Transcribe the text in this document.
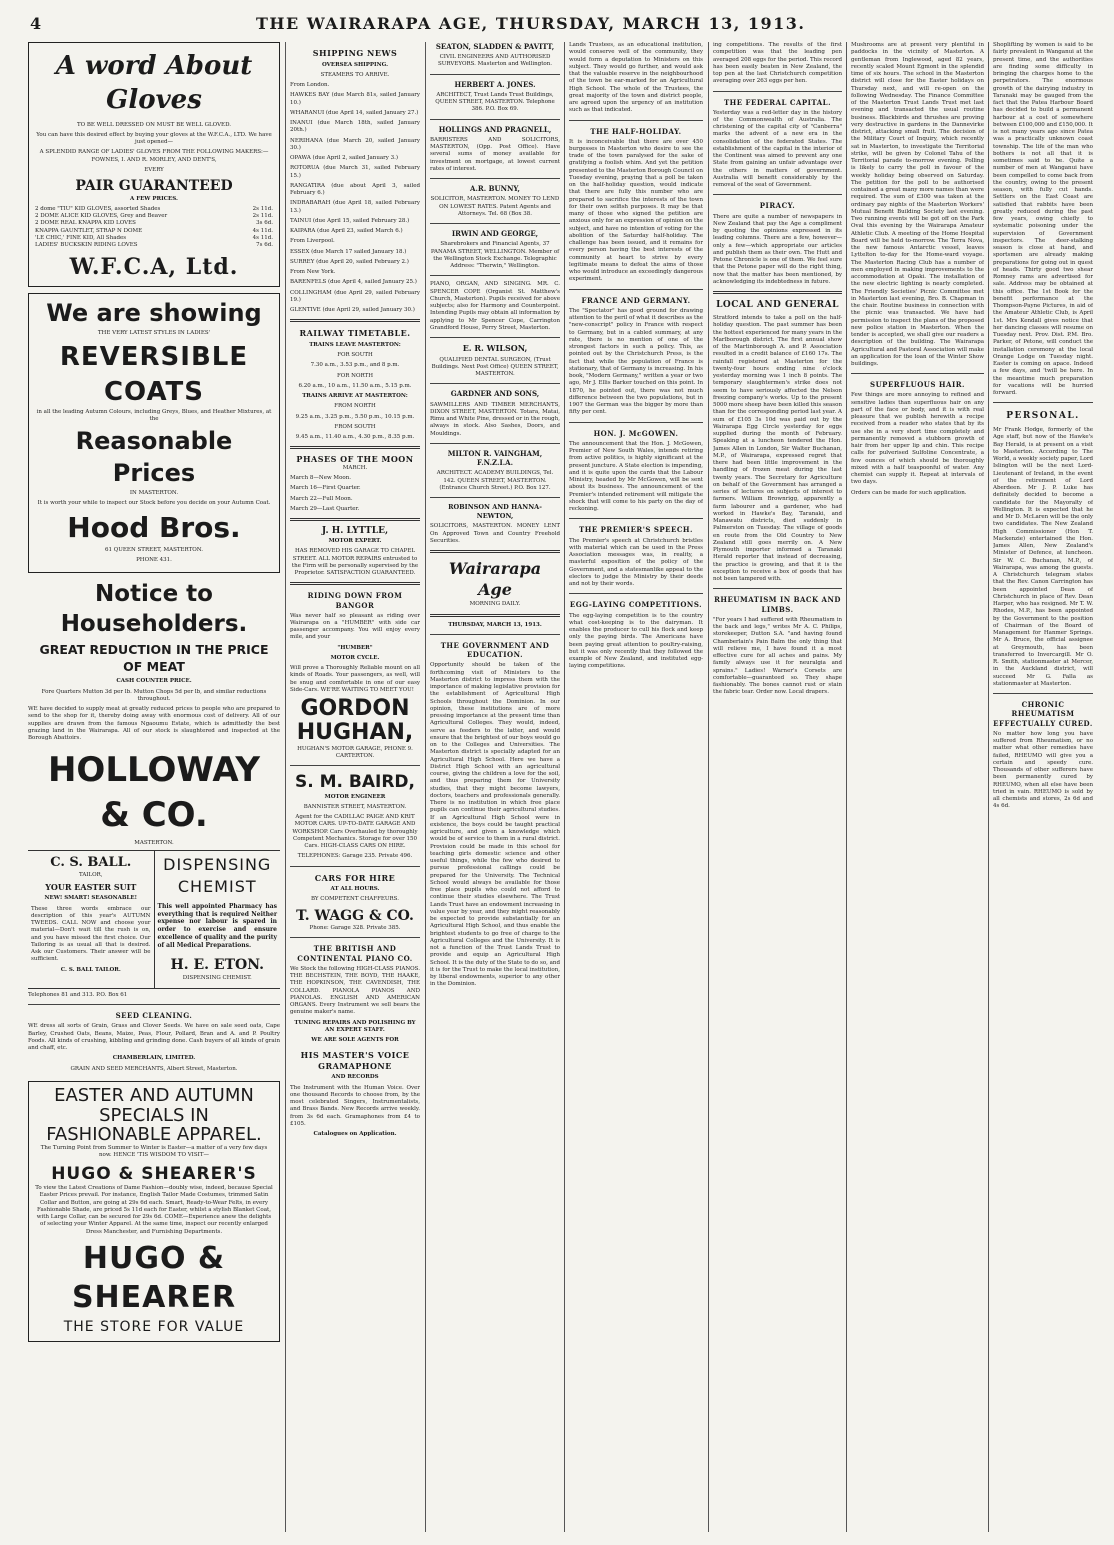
4	THE WAIRARAPA AGE, THURSDAY, MARCH 13, 1913.
A word About Gloves

TO BE WELL DRESSED ON MUST BE WELL GLOVED.

You can have this desired effect by buying your gloves at the W.F.C.A., LTD. We have just opened—

A SPLENDID RANGE OF LADIES' GLOVES FROM THE FOLLOWING MAKERS:—FOWNES, I. AND R. MORLEY, AND DENT'S,

EVERY

PAIR GUARANTEED

A FEW PRICES.

2 dome "TIU" KID GLOVES, assorted Shades	2s 11d.
2 DOME ALICE KID GLOVES, Grey and Beaver	2s 11d.
2 DOME REAL KNAPPA KID LOVES	3s 6d.
KNAPPA GAUNTLET, STRAP N DOME	4s 11d.
'LE CHIC,' FINE KID, All Shades	4s 11d.
LADIES' BUCKSKIN RIDING LOVES	7s 6d.
W.F.C.A, Ltd.
We are showing

THE VERY LATEST STYLES IN LADIES'

REVERSIBLE COATS

in all the leading Autumn Colours, including Greys, Blues, and Heather Mixtures, at the

Reasonable Prices

IN MASTERTON.

It is worth your while to inspect our Stock before you decide on your Autumn Coat.

Hood Bros.

61 QUEEN STREET, MASTERTON.

PHONE 431.

Notice to Householders.
GREAT REDUCTION IN THE PRICE OF MEAT

CASH COUNTER PRICE.

Fore Quarters Mutton 3d per lb. Mutton Chops 5d per lb, and similar reductions throughout.

WE have decided to supply meat at greatly reduced prices to people who are prepared to send to the shop for it, thereby doing away with enormous cost of delivery. All of our supplies are drawn from the famous Ngaoumu Estate, which is admittedly the best grazing land in the Wairarapa. All of our stock is slaughtered and inspected at the Borough Abattoirs.

HOLLOWAY & CO.

MASTERTON.

C. S. BALL.

TAILOR,

YOUR EASTER SUIT

NEW! SMART! SEASONABLE!

These three words embrace our description of this year's AUTUMN TWEEDS. CALL NOW and choose your material—Don't wait till the rush is on, and you have missed the first choice. Our Tailoring is as usual all that is desired. Ask our Customers. Their answer will be sufficient.

C. S. BALL TAILOR.

DISPENSING CHEMIST

This well appointed Pharmacy has everything that is required Neither expense nor labour is spared in order to exercise and ensure excellence of quality and the purity of all Medical Preparations.

H. E. ETON.

DISPENSING CHEMIST.

Telephones 81 and 313. P.O. Box 61

SEED CLEANING.

WE dress all sorts of Grain, Grass and Clover Seeds. We have on sale seed oats, Cape Barley, Crushed Oats, Beans, Maize, Peas, Flour, Pollard, Bran and A. and P. Poultry Foods. All kinds of crushing, kibbling and grinding done. Cash buyers of all kinds of grain and chaff, etc.

CHAMBERLAIN, LIMITED.

GRAIN AND SEED MERCHANTS, Albert Street, Masterton.

EASTER AND AUTUMN SPECIALS IN FASHIONABLE APPAREL.

The Turning Point from Summer to Winter is Easter—a matter of a very few days now. HENCE 'TIS WISDOM TO VISIT—

HUGO & SHEARER'S

To view the Latest Creations of Dame Fashion—doubly wise, indeed, because Special Easter Prices prevail. For instance, English Tailor Made Costumes, trimmed Satin Collar and Button, are going at 29s 6d each. Smart, Ready-to-Wear Felts, in every Fashionable Shade, are priced 5s 11d each for Easter, whilst a stylish Blanket Coat, with Large Collar, can be secured for 29s 6d. COME—Experience anew the delights of selecting your Winter Apparel. At the same time, inspect our recently enlarged Dress Manchester, and Furnishing Departments.

HUGO & SHEARER
THE STORE FOR VALUE
SHIPPING NEWS

OVERSEA SHIPPING.

STEAMERS TO ARRIVE.

From London.

HAWKES BAY (due March 81s, sailed January 10.)

WHARANUI (due April 14, sailed January 27.)

INANUI (due March 18th, sailed January 20th.)

NERIHANA (due March 20, sailed January 30.)

OPAWA (due April 2, sailed January 3.)

ROTORUA (due March 31, sailed February 15.)

RANGATIRA (due about April 3, sailed February 6.)

INDRABARAH (due April 18, sailed February 13.)

TAINUI (due April 15, sailed February 28.)

KAIPARA (due April 23, sailed March 6.)

From Liverpool.

ESSEX (due March 17 sailed January 18.)

SURREY (due April 20, sailed February 2.)

From New York.

BARENFELS (due April 4, sailed January 25.)

COLLINGHAM (due April 29, sailed February 19.)

GLENTIVE (due April 29, sailed January 30.)

RAILWAY TIMETABLE.

TRAINS LEAVE MASTERTON:

FOR SOUTH

7.30 a.m., 3.53 p.m., and 8 p.m.

FOR NORTH

6.20 a.m., 10 a.m., 11.50 a.m., 5.15 p.m.

TRAINS ARRIVE AT MASTERTON:

FROM NORTH

9.25 a.m., 3.25 p.m., 5.50 p.m., 10.15 p.m.

FROM SOUTH

9.45 a.m., 11.40 a.m., 4.30 p.m., 8.35 p.m.

PHASES OF THE MOON

MARCH.

March 8—New Moon.

March 16—First Quarter.

March 22—Full Moon.

March 29—Last Quarter.

J. H. LYTTLE,

MOTOR EXPERT.

HAS REMOVED HIS GARAGE TO CHAPEL STREET. ALL MOTOR REPAIRS entrusted to the Firm will be personally supervised by the Proprietor. SATISFACTION GUARANTEED.

RIDING DOWN FROM BANGOR

Was never half so pleasant as riding over Wairarapa on a "HUMBER" with side car passenger accompany. You will enjoy every mile, and your

"HUMBER"

MOTOR CYCLE.

Will prove a Thoroughly Reliable mount on all kinds of Roads. Your passengers, as well, will be snug and comfortable in one of our easy Side-Cars. WE'RE WAITING TO MEET YOU!

GORDON HUGHAN,

HUGHAN'S MOTOR GARAGE, PHONE 9. CARTERTON.

S. M. BAIRD,

MOTOR ENGINEER

BANNISTER STREET, MASTERTON.

Agent for the CADILLAC PAIGE AND KRIT MOTOR CARS. UP-TO-DATE GARAGE AND WORKSHOP. Cars Overhauled by thoroughly Competent Mechanics. Storage for over 150 Cars. HIGH-CLASS CARS ON HIRE.

TELEPHONES: Garage 235. Private 496.

CARS FOR HIRE

AT ALL HOURS.

BY COMPETENT CHAFFEURS.

T. WAGG & CO.

Phone: Garage 328. Private 385.

THE BRITISH AND CONTINENTAL PIANO CO.

We Stock the following HIGH-CLASS PIANOS. THE BECHSTEIN, THE BOYD, THE HAAKE, THE HOPKINSON, THE CAVENDISH, THE COLLARD. PIANOLA PIANOS AND PIANOLAS. ENGLISH AND AMERICAN ORGANS. Every Instrument we sell bears the genuine maker's name.

TUNING REPAIRS AND POLISHING BY AN EXPERT STAFF.

WE ARE SOLE AGENTS FOR

HIS MASTER'S VOICE GRAMAPHONE

AND RECORDS

The Instrument with the Human Voice. Over one thousand Records to choose from, by the most celebrated Singers, Instrumentalists, and Brass Bands. New Records arrive weekly. from 3s 6d each. Gramaphones from £4 to £105.

Catalogues on Application.

SEATON, SLADDEN & PAVITT,

CIVIL ENGINEERS AND AUTHORISED SURVEYORS. Masterton and Wellington.

HERBERT A. JONES.

ARCHITECT, Trust Lands Trust Buildings, QUEEN STREET, MASTERTON. Telephone 386. P.O. Box 69.

HOLLINGS AND PRAGNELL,

BARRISTERS AND SOLICITORS, MASTERTON, (Opp. Post Office). Have several sums of money available for investment on mortgage, at lowest current rates of interest.

A.R. BUNNY,

SOLICITOR, MASTERTON. MONEY TO LEND ON LOWEST RATES. Patent Agents and Attorneys. Tel. 68 (Box 38.

IRWIN AND GEORGE,

Sharebrokers and Financial Agents, 37 PANAMA STREET, WELLINGTON. Member of the Wellington Stock Exchange. Telegraphic Address: "Therwin," Wellington.

PIANO, ORGAN, AND SINGING. MR. C. SPENCER COPE (Organist St. Matthew's Church, Masterton). Pupils received for above subjects; also for Harmony and Counterpoint. Intending Pupils may obtain all information by applying to Mr Spencer Cope, Carrington Grandford House, Perry Street, Masterton.

E. R. WILSON,

QUALIFIED DENTAL SURGEON, (Trust Buildings. Next Post Office) QUEEN STREET, MASTERTON.

GARDNER AND SONS,

SAWMILLERS AND TIMBER MERCHANTS, DIXON STREET, MASTERTON. Totara, Matai, Rimu and White Pine, dressed or in the rough, always in stock. Also Sashes, Doors, and Mouldings.

MILTON R. VAINGHAM, F.N.Z.I.A.

ARCHITECT. ACADEMY BUILDINGS, Tel. 142. QUEEN STREET, MASTERTON. (Entrance Church Street.) P.O. Box 127.

ROBINSON AND HANNA-NEWTON,

SOLICITORS, MASTERTON. MONEY LENT On Approved Town and Country Freehold Securities.

Wairarapa Age

MORNING DAILY.

THURSDAY, MARCH 13, 1913.

THE GOVERNMENT AND EDUCATION.

Opportunity should be taken of the forthcoming visit of Ministers to the Masterton district to impress them with the importance of making legislative provision for the establishment of Agricultural High Schools throughout the Dominion. In our opinion, these institutions are of more pressing importance at the present time than Agricultural Colleges. They would, indeed, serve as feeders to the latter, and would ensure that the brightest of our boys would go on to the Colleges and Universities. The Masterton district is specially adapted for an Agricultural High School. Here we have a District High School with an agricultural course, giving the children a love for the soil, and thus preparing them for University studies, that they might become lawyers, doctors, teachers and professionals generally. There is no institution in which free place pupils can continue their agricultural studies. If an Agricultural High School were in existence, the boys could be taught practical agriculture, and given a knowledge which would be of service to them in a rural district. Provision could be made in this school for teaching girls domestic science and other useful things, while the few who desired to pursue professional callings could be prepared for the University. The Technical School would always be available for those free place pupils who could not afford to continue their studies elsewhere. The Trust Lands Trust have an endowment increasing in value year by year, and they might reasonably be expected to provide substantially for an Agricultural High School, and thus enable the brightest students to go free of charge to the Agricultural Colleges and the University. It is not a function of the Trust Lands Trust to provide and equip an Agricultural High School. It is the duty of the State to do so, and it is for the Trust to make the local institution, by liberal endowments, superior to any other in the Dominion.

Lands Trustees, as an educational institution, would conserve well of the community, they would form a deputation to Ministers on this subject. They would go further, and would ask that the valuable reserve in the neighbourhood of the town be ear-marked for an Agricultural High School. The whole of the Trustees, the great majority of the town and district people, are agreed upon the urgency of an institution such as that indicated.

THE HALF-HOLIDAY.

It is inconceivable that there are over 450 burgesses in Masterton who desire to see the trade of the town paralysed for the sake of gratifying a foolish whim. And yet the petition presented to the Masterton Borough Council on Tuesday evening, praying that a poll be taken on the half-holiday question, would indicate that there are fully this number who are prepared to sacrifice the interests of the town for their own selfish purposes. It may be that many of those who signed the petition are anxious only for an expression of opinion on the subject, and have no intention of voting for the abolition of the Saturday half-holiday. The challenge has been issued, and it remains for every person having the best interests of the community at heart to strive by every legitimate means to defeat the aims of those who would introduce an exceedingly dangerous experiment.

FRANCE AND GERMANY.

The "Spectator" has good ground for drawing attention to the peril of what it describes as the "new-conscript" policy in France with respect to Germany, but in a cabled summary, at any rate, there is no mention of one of the strongest factors in such a policy. This, as pointed out by the Christchurch Press, is the fact that while the population of France is stationary, that of Germany is increasing. In his book, "Modern Germany," written a year or two ago, Mr J. Ellis Barker touched on this point. In 1870, he pointed out, there was not much difference between the two populations, but in 1907 the German was the bigger by more than fifty per cent.

HON. J. McGOWEN.

The announcement that the Hon. J. McGowen, Premier of New South Wales, intends retiring from active politics, is highly significant at the present juncture. A State election is impending, and it is quite upon the cards that the Labour Ministry, headed by Mr McGowen, will be sent about its business. The announcement of the Premier's intended retirement will mitigate the shock that will come to his party on the day of reckoning.

THE PREMIER'S SPEECH.

The Premier's speech at Christchurch bristles with material which can be used in the Press Association messages was, in reality, a masterful exposition of the policy of the Government, and a statesmanlike appeal to the electors to judge the Ministry by their deeds and not by their words.

EGG-LAYING COMPETITIONS.

The egg-laying competition is to the country what cost-keeping is to the dairyman. It enables the producer to cull his flock and keep only the paying birds. The Americans have been paying great attention to poultry-raising, but it was only recently that they followed the example of New Zealand, and instituted egg-laying competitions.

ing competitions. The results of the first competition was that the leading pen averaged 208 eggs for the period. This record has been easily beaten in New Zealand, the top pen at the last Christchurch competition averaging over 263 eggs per hen.

THE FEDERAL CAPITAL.

Yesterday was a red-letter day in the history of the Commonwealth of Australia. The christening of the capital city of "Canberra" marks the advent of a new era in the consolidation of the federated States. The establishment of the capital in the interior of the Continent was aimed to prevent any one State from gaining an unfair advantage over the others in matters of government. Australia will benefit considerably by the removal of the seat of Government.

PIRACY.

There are quite a number of newspapers in New Zealand that pay the Age a compliment by quoting the opinions expressed in its leading columns. There are a few, however—only a few—which appropriate our articles and publish them as their own. The Hutt and Petone Chronicle is one of them. We feel sure that the Petone paper will do the right thing, now that the matter has been mentioned, by acknowledging its indebtedness in future.

LOCAL AND GENERAL

Stratford intends to take a poll on the half-holiday question. The past summer has been the hottest experienced for many years in the Marlborough district. The first annual show of the Martinborough A. and P. Association resulted in a credit balance of £160 17s. The rainfall registered at Masterton for the twenty-four hours ending nine o'clock yesterday morning was 1 inch 8 points. The temporary slaughtermen's strike does not seem to have seriously affected the Nelson freezing company's works. Up to the present 5000 more sheep have been killed this season than for the corresponding period last year. A sum of £105 3s 10d was paid out by the Wairarapa Egg Circle yesterday for eggs supplied during the month of February. Speaking at a luncheon tendered the Hon. James Allen in London, Sir Walter Buchanan, M.P., of Wairarapa, expressed regret that there had been little improvement in the handling of frozen meat during the last twenty years. The Secretary for Agriculture on behalf of the Government has arranged a series of lectures on subjects of interest to farmers. William Brownrigg, apparently a farm labourer and a gardener, who had worked in Hawke's Bay, Taranaki, and Manawatu districts, died suddenly in Palmerston on Tuesday. The village of goods en route from the Old Country to New Zealand still goes merrily on. A New Plymouth importer informed a Taranaki Herald reporter that instead of decreasing, the practice is growing, and that it is the exception to receive a box of goods that has not been tampered with.

RHEUMATISM IN BACK AND LIMBS.

"For years I had suffered with Rheumatism in the back and legs," writes Mr A. C. Philips, storekeeper, Dutton S.A. "and having found Chamberlain's Pain Balm the only thing that will relieve me, I have found it a most effective cure for all aches and pains. My family always use it for neuralgia and sprains." Ladies! Warner's Corsets are comfortable—guaranteed so. They shape fashionably. The bones cannot rust or stain the fabric tear. Order now. Local drapers.

Mushrooms are at present very plentiful in paddocks in the vicinity of Masterton. A gentleman from Inglewood, aged 82 years, recently scaled Mount Egmont in the splendid time of six hours. The school in the Masterton district will close for the Easter holidays on Thursday next, and will re-open on the following Wednesday. The Finance Committee of the Masterton Trust Lands Trust met last evening and transacted the usual routine business. Blackbirds and thrushes are proving very destructive in gardens in the Dannevirke district, attacking small fruit. The decision of the Military Court of Inquiry, which recently sat in Masterton, to investigate the Territorial strike, will be given by Colonel Tahu of the Territorial parade to-morrow evening. Polling is likely to carry the poll in favour of the weekly holiday being observed on Saturday. The petition for the poll to be authorised contained a great many more names than were required. The sum of £300 was taken at the ordinary pay nights of the Masterton Workers' Mutual Benefit Building Society last evening. Two running events will be got off on the Park Oval this evening by the Wairarapa Amateur Athletic Club. A meeting of the Home Hospital Board will be held to-morrow. The Terra Nova, the new famous Antarctic vessel, leaves Lyttelton to-day for the Home-ward voyage. The Masterton Racing Club has a number of men employed in making improvements to the accommodation at Opaki. The installation of the new electric lighting is nearly completed. The Friendly Societies' Picnic Committee met in Masterton last evening, Bro. B. Chapman in the chair. Routine business in connection with the picnic was transacted. We have had permission to inspect the plans of the proposed new police station in Masterton. When the tender is accepted, we shall give our readers a description of the building. The Wairarapa Agricultural and Pastoral Association will make an application for the loan of the Winter Show buildings.

SUPERFLUOUS HAIR.

Few things are more annoying to refined and sensitive ladies than superfluous hair on any part of the face or body, and it is with real pleasure that we publish herewith a recipe received from a reader who states that by its use she in a very short time completely and permanently removed a stubborn growth of hair from her upper lip and chin. This recipe calls for pulverised Sulfoline Concentrate, a few ounces of which should be thoroughly mixed with a half teaspoonful of water. Any chemist can supply it. Repeat at intervals of two days.

Orders can be made for such application.

Shoplifting by women is said to be fairly prevalent in Wanganui at the present time, and the authorities are finding some difficulty in bringing the charges home to the perpetrators. The enormous growth of the dairying industry in Taranaki may be gauged from the fact that the Patea Harbour Board has decided to build a permanent harbour at a cost of somewhere between £100,000 and £150,000. It is not many years ago since Patea was a practically unknown coast township. The life of the man who bothers is not all that it is sometimes said to be. Quite a number of men at Wanganui have been compelled to come back from the country, owing to the present season, with fully cut hands. Settlers on the East Coast are satisfied that rabbits have been greatly reduced during the past few years, owing chiefly to systematic poisoning under the supervision of Government inspectors. The deer-stalking season is close at hand, and sportsmen are already making preparations for going out in quest of heads. Thirty good two shear Romney rams are advertised for sale. Address may be obtained at this office. The 1st Book for the benefit performance at the Thompson-Payne Pictures, in aid of the Amateur Athletic Club, is April 1st. Mrs Kendall gives notice that her dancing classes will resume on Tuesday next. Prov. Dist. P.M. Bro. Parker, of Petone, will conduct the installation ceremony at the local Orange Lodge on Tuesday night. Easter is coming on apace. Indeed a few days, and 'twill be here. In the meantime much preparation for vacations will be hurried forward.

PERSONAL.

Mr Frank Hodge, formerly of the Age staff, but now of the Hawke's Bay Herald, is at present on a visit to Masterton. According to The World, a weekly society paper, Lord Islington will be the next Lord-Lieutenant of Ireland, in the event of the retirement of Lord Aberdeen. Mr J. P. Luke has definitely decided to become a candidate for the Mayoralty of Wellington. It is expected that he and Mr D. McLaren will be the only two candidates. The New Zealand High Commissioner (Hon T. Mackenzie) entertained the Hon. James Allen, New Zealand's Minister of Defence, at luncheon. Sir W. C. Buchanan, M.P., of Wairarapa, was among the guests. A Christchurch telegram states that the Rev. Canon Carrington has been appointed Dean of Christchurch in place of Rev. Dean Harper, who has resigned. Mr T. W. Rhodes, M.P., has been appointed by the Government to the position of Chairman of the Board of Management for Hanmer Springs. Mr A. Bruce, the official assignee at Greymouth, has been transferred to Invercargill. Mr O. R. Smith, stationmaster at Mercer, in the Auckland district, will succeed Mr G. Falla as stationmaster at Masterton.

CHRONIC RHEUMATISM EFFECTUALLY CURED.

No matter how long you have suffered from Rheumatism, or no matter what other remedies have failed, RHEUMO will give you a certain and speedy cure. Thousands of other sufferers have been permanently cured by RHEUMO, when all else have been tried in vain. RHEUMO is sold by all chemists and stores, 2s 6d and 4s 6d.
